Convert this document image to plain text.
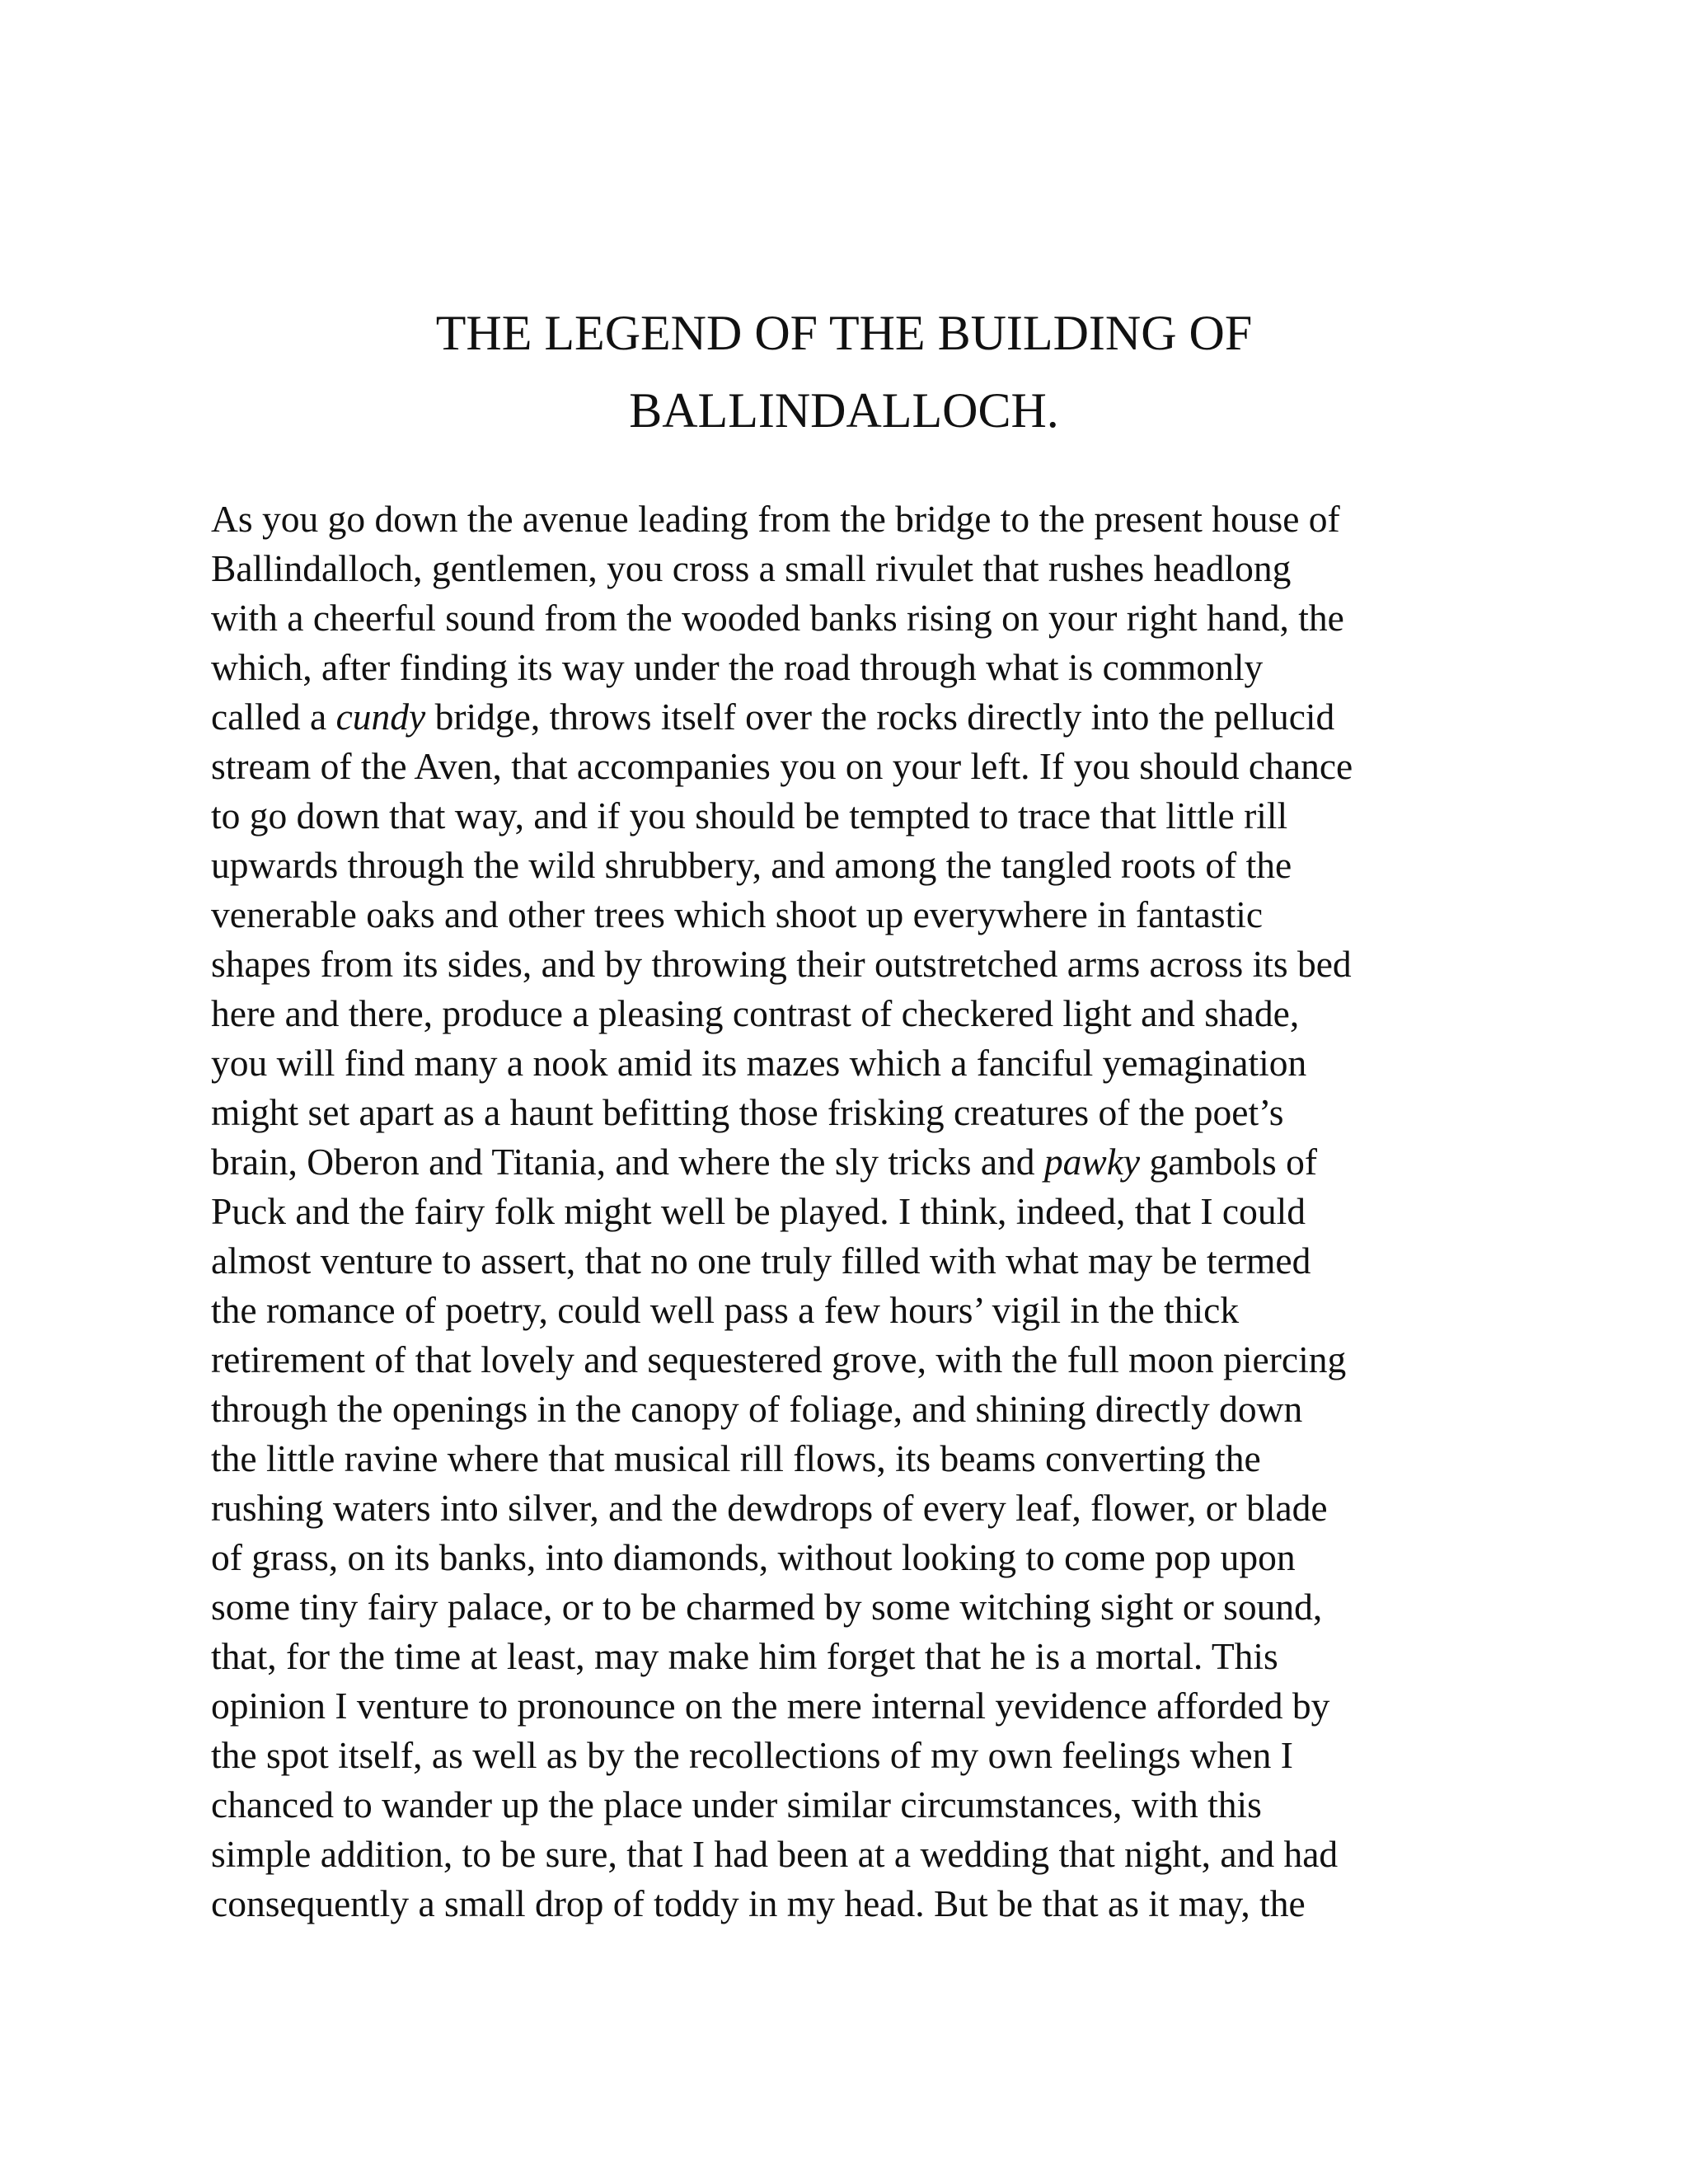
THE LEGEND OF THE BUILDING OF
BALLINDALLOCH.
As you go down the avenue leading from the bridge to the present house of
Ballindalloch, gentlemen, you cross a small rivulet that rushes headlong
with a cheerful sound from the wooded banks rising on your right hand, the
which, after finding its way under the road through what is commonly
called a cundy bridge, throws itself over the rocks directly into the pellucid
stream of the Aven, that accompanies you on your left. If you should chance
to go down that way, and if you should be tempted to trace that little rill
upwards through the wild shrubbery, and among the tangled roots of the
venerable oaks and other trees which shoot up everywhere in fantastic
shapes from its sides, and by throwing their outstretched arms across its bed
here and there, produce a pleasing contrast of checkered light and shade,
you will find many a nook amid its mazes which a fanciful yemagination
might set apart as a haunt befitting those frisking creatures of the poet’s
brain, Oberon and Titania, and where the sly tricks and pawky gambols of
Puck and the fairy folk might well be played. I think, indeed, that I could
almost venture to assert, that no one truly filled with what may be termed
the romance of poetry, could well pass a few hours’ vigil in the thick
retirement of that lovely and sequestered grove, with the full moon piercing
through the openings in the canopy of foliage, and shining directly down
the little ravine where that musical rill flows, its beams converting the
rushing waters into silver, and the dewdrops of every leaf, flower, or blade
of grass, on its banks, into diamonds, without looking to come pop upon
some tiny fairy palace, or to be charmed by some witching sight or sound,
that, for the time at least, may make him forget that he is a mortal. This
opinion I venture to pronounce on the mere internal yevidence afforded by
the spot itself, as well as by the recollections of my own feelings when I
chanced to wander up the place under similar circumstances, with this
simple addition, to be sure, that I had been at a wedding that night, and had
consequently a small drop of toddy in my head. But be that as it may, the
